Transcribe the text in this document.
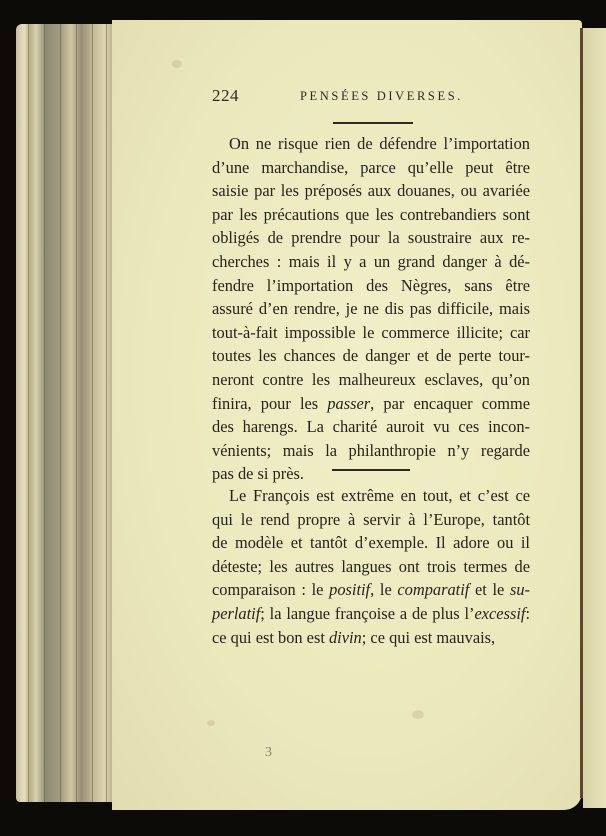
224	PENSÉES DIVERSES.
On ne risque rien de défendre l’importation
d’une marchandise, parce qu’elle peut être
saisie par les préposés aux douanes, ou avariée
par les précautions que les contrebandiers sont
obligés de prendre pour la soustraire aux re-
cherches : mais il y a un grand danger à dé-
fendre l’importation des Nègres, sans être
assuré d’en rendre, je ne dis pas difficile, mais
tout-à-fait impossible le commerce illicite; car
toutes les chances de danger et de perte tour-
neront contre les malheureux esclaves, qu’on
finira, pour les passer, par encaquer comme
des harengs. La charité auroit vu ces incon-
vénients; mais la philanthropie n’y regarde
pas de si près.
Le François est extrême en tout, et c’est ce
qui le rend propre à servir à l’Europe, tantôt
de modèle et tantôt d’exemple. Il adore ou il
déteste; les autres langues ont trois termes de
comparaison : le positif, le comparatif et le su-
perlatif; la langue françoise a de plus l’excessif:
ce qui est bon est divin; ce qui est mauvais,
3
